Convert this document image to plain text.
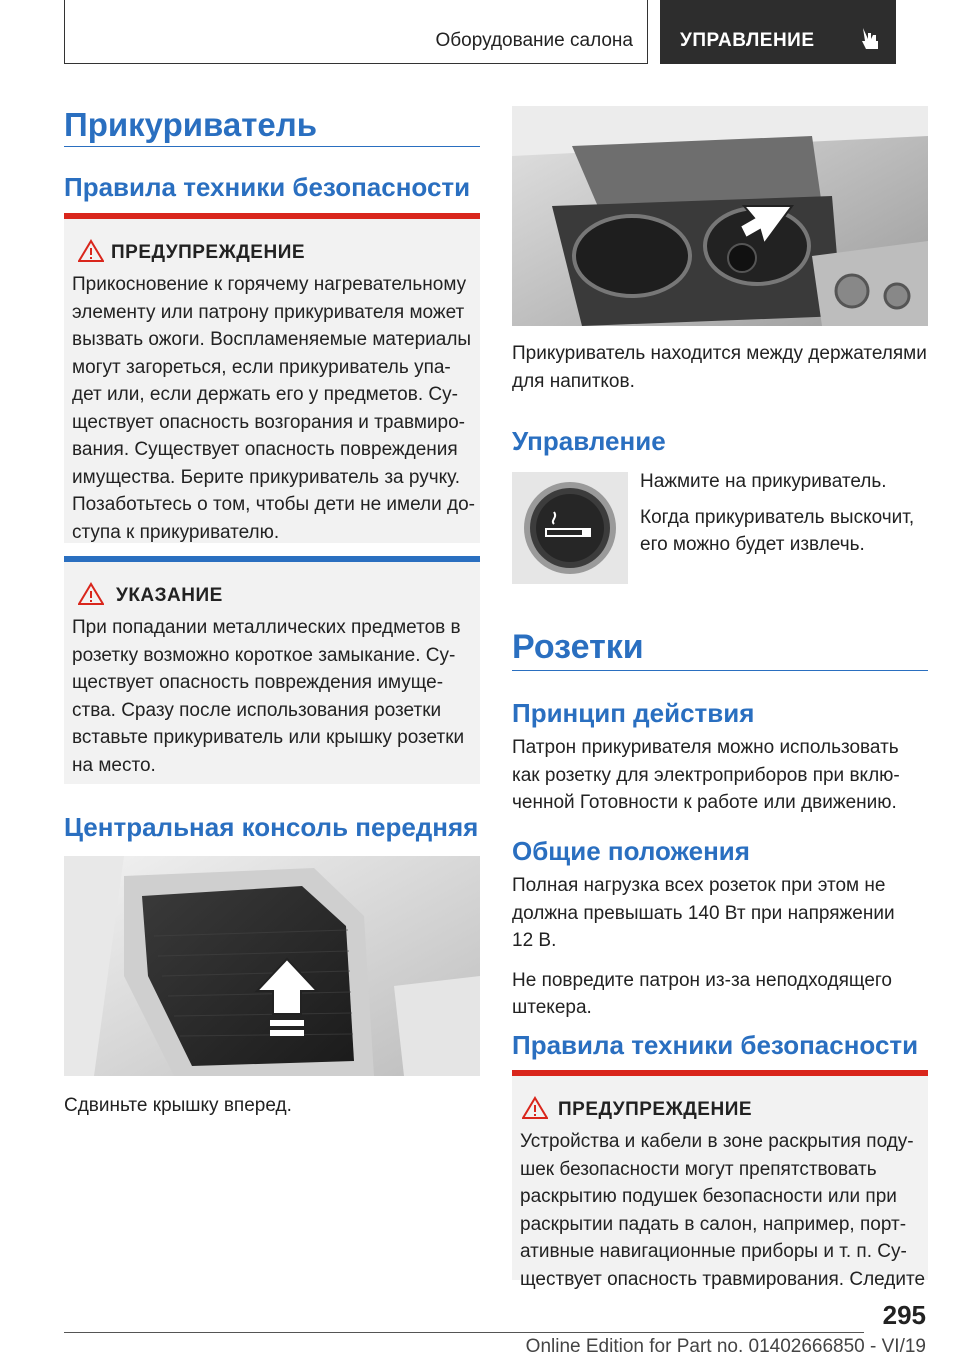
Оборудование салона УПРАВЛЕНИЕ
Прикуриватель
Правила техники безопасности
ПРЕДУПРЕЖДЕНИЕ
Прикосновение к горячему нагревательному
элементу или патрону прикуривателя может
вызвать ожоги. Воспламеняемые материалы
могут загореться, если прикуриватель упа-
дет или, если держать его у предметов. Су-
ществует опасность возгорания и травмиро-
вания. Существует опасность повреждения
имущества. Берите прикуриватель за ручку.
Позаботьтесь о том, чтобы дети не имели до-
ступа к прикуривателю.
УКАЗАНИЕ
При попадании металлических предметов в
розетку возможно короткое замыкание. Су-
ществует опасность повреждения имуще-
ства. Сразу после использования розетки
вставьте прикуриватель или крышку розетки
на место.
Центральная консоль передняя

Сдвиньте крышку вперед.

Прикуриватель находится между держателями
для напитков.
Управление

Нажмите на прикуриватель.

Когда прикуриватель выскочит,
его можно будет извлечь.
Розетки
Принцип действия
Патрон прикуривателя можно использовать
как розетку для электроприборов при вклю-
ченной Готовности к работе или движению.
Общие положения
Полная нагрузка всех розеток при этом не
должна превышать 140 Вт при напряжении
12 В.
Не повредите патрон из-за неподходящего
штекера.
Правила техники безопасности
ПРЕДУПРЕЖДЕНИЕ
Устройства и кабели в зоне раскрытия поду-
шек безопасности могут препятствовать
раскрытию подушек безопасности или при
раскрытии падать в салон, например, порт-
ативные навигационные приборы и т. п. Су-
ществует опасность травмирования. Следите
295
Online Edition for Part no. 01402666850 - VI/19
